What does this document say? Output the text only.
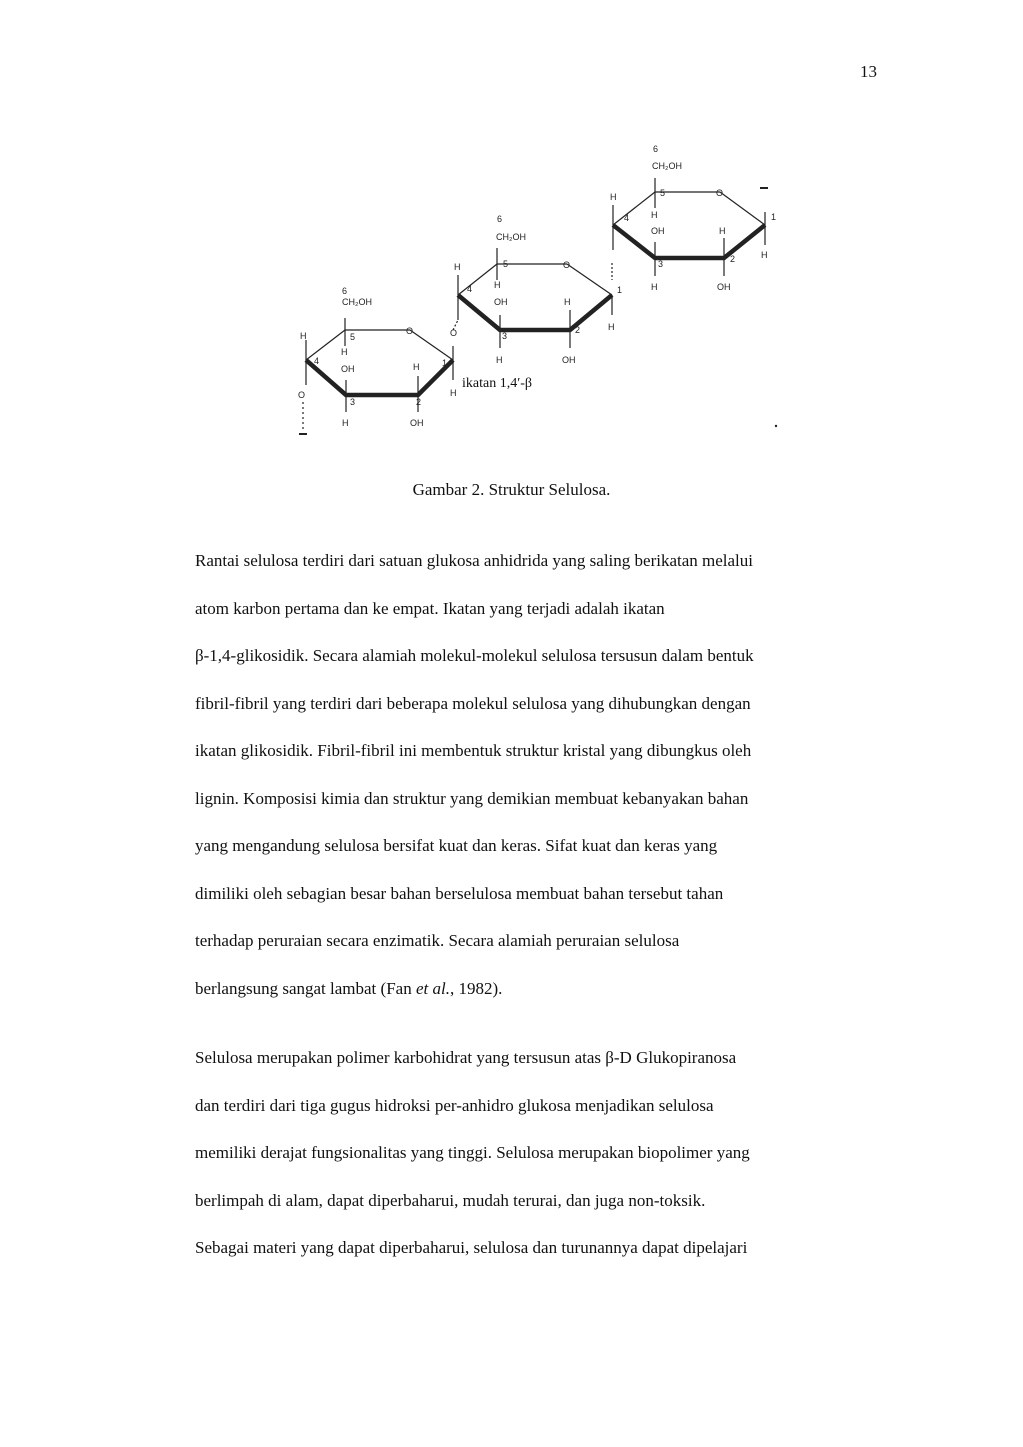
13
6
CH₂OH
O
H	5
H
4
OH	H	1
O
3	2
H
H	OH
O
6
CH₂OH
O
H	5
H
4
OH	H
1
3
2	H
H	OH
6
CH₂OH
O
H	5
H
4
OH	H
1
3	2	H
H	OH
ikatan 1,4′-β
Gambar 2. Struktur Selulosa.
Rantai selulosa terdiri dari satuan glukosa anhidrida yang saling berikatan melalui
atom karbon pertama dan ke empat. Ikatan yang terjadi adalah ikatan
β-1,4-glikosidik. Secara alamiah molekul-molekul selulosa tersusun dalam bentuk
fibril-fibril yang terdiri dari beberapa molekul selulosa yang dihubungkan dengan
ikatan glikosidik. Fibril-fibril ini membentuk struktur kristal yang dibungkus oleh
lignin. Komposisi kimia dan struktur yang demikian membuat kebanyakan bahan
yang mengandung selulosa bersifat kuat dan keras. Sifat kuat dan keras yang
dimiliki oleh sebagian besar bahan berselulosa membuat bahan tersebut tahan
terhadap peruraian secara enzimatik. Secara alamiah peruraian selulosa
berlangsung sangat lambat (Fan et al., 1982).
Selulosa merupakan polimer karbohidrat yang tersusun atas β-D Glukopiranosa
dan terdiri dari tiga gugus hidroksi per-anhidro glukosa menjadikan selulosa
memiliki derajat fungsionalitas yang tinggi. Selulosa merupakan biopolimer yang
berlimpah di alam, dapat diperbaharui, mudah terurai, dan juga non-toksik.
Sebagai materi yang dapat diperbaharui, selulosa dan turunannya dapat dipelajari
